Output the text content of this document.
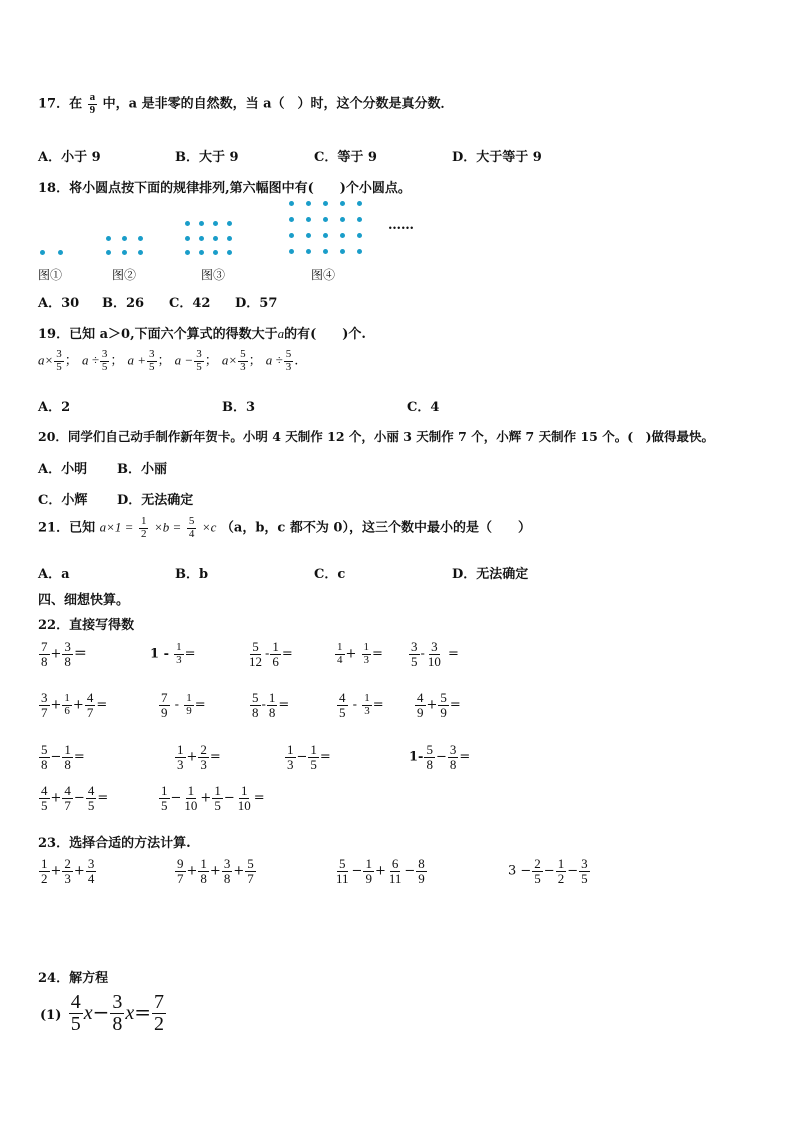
17．在 $\frac{a}{9}$ 中，a 是非零的自然数，当 a（　）时，这个分数是真分数．
A．小于 9	B．大于 9	C．等于 9	D．大于等于 9
18．将小圆点按下面的规律排列,第六幅图中有(　　)个小圆点。
……
图①	图②	图③	图④
A．30 B．26 C．42 D．57
19．已知 a＞0,下面六个算式的得数大于a的有(　　)个.
$a\times \frac{3}{5}$ ； $a \div \frac{3}{5}$ ； $a + \frac{3}{5}$ ； $a - \frac{3}{5}$ ； $a\times \frac{5}{3}$ ； $a \div \frac{5}{3}$ .
A．2	B．3	C．4
20．同学们自己动手制作新年贺卡。小明 4 天制作 12 个，小丽 3 天制作 7 个，小辉 7 天制作 15 个。(　)做得最快。
A．小明 B．小丽
C．小辉 D．无法确定
21．已知 $a\times 1 = \frac{1}{2} \times b = \frac{5}{4} \times c$ （a，b，c 都不为 0），这三个数中最小的是（　　）
A．a	B．b	C．c	D．无法确定
四、细想快算。
22．直接写得数
$\frac{7}{8} + \frac{3}{8}$ ＝	$1 - \frac{1}{3}$ =	$\frac{5}{12} - \frac{1}{6}$ =	$\frac{1}{4} + \frac{1}{3} = \frac{3}{5} - \frac{3}{10}$ =
$\frac{3}{7} + \frac{1}{6} + \frac{4}{7}$ =	$\frac{7}{9} - \frac{1}{9}$ =	$\frac{5}{8} - \frac{1}{8}$ =	$\frac{4}{5} - \frac{1}{3} = \frac{4}{9} + \frac{5}{9}$ =
$\frac{5}{8} - \frac{1}{8}$ =	$\frac{1}{3} + \frac{2}{3}$ =	$\frac{1}{3} - \frac{1}{5}$ =	$1- \frac{5}{8} - \frac{3}{8}$ =
$\frac{4}{5} + \frac{4}{7} - \frac{4}{5}$ =	$\frac{1}{5} - \frac{1}{10} + \frac{1}{5} - \frac{1}{10}$ =
23．选择合适的方法计算.
$\frac{1}{2} + \frac{2}{3} + \frac{3}{4}$	$\frac{9}{7} + \frac{1}{8} + \frac{3}{8} + \frac{5}{7}$	$\frac{5}{11} - \frac{1}{9} + \frac{6}{11} - \frac{8}{9}$	$3 - \frac{2}{5} - \frac{1}{2} - \frac{3}{5}$
24．解方程
$(1) \frac{4}{5} x- \frac{3}{8} x= \frac{7}{2}$
